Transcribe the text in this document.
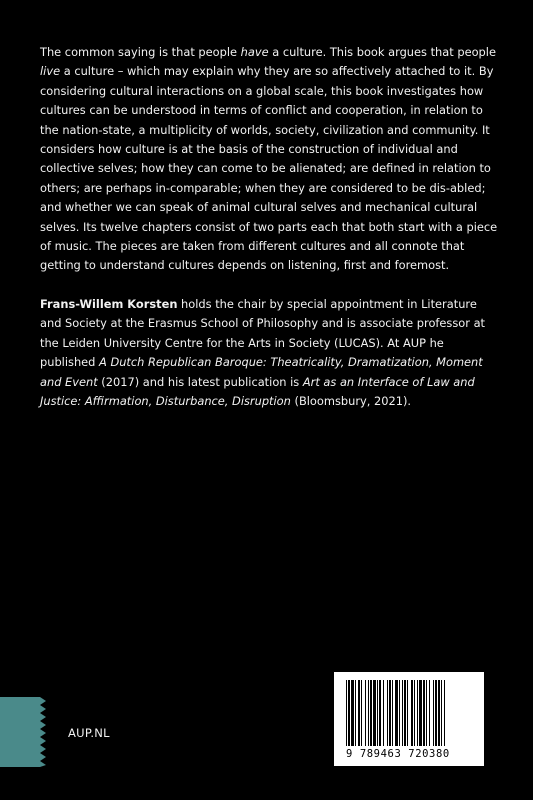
The common saying is that people have a culture. This book argues that people live a culture – which may explain why they are so affectively attached to it. By considering cultural interactions on a global scale, this book investigates how cultures can be understood in terms of conflict and cooperation, in relation to the nation-state, a multiplicity of worlds, society, civilization and community. It considers how culture is at the basis of the construction of individual and collective selves; how they can come to be alienated; are defined in relation to others; are perhaps in-comparable; when they are considered to be dis-abled; and whether we can speak of animal cultural selves and mechanical cultural selves. Its twelve chapters consist of two parts each that both start with a piece of music. The pieces are taken from different cultures and all connote that getting to understand cultures depends on listening, first and foremost.

Frans-Willem Korsten holds the chair by special appointment in Literature and Society at the Erasmus School of Philosophy and is associate professor at the Leiden University Centre for the Arts in Society (LUCAS). At AUP he published A Dutch Republican Baroque: Theatricality, Dramatization, Moment and Event (2017) and his latest publication is Art as an Interface of Law and Justice: Affirmation, Disturbance, Disruption (Bloomsbury, 2021).

AUP.NL
9 789463 720380
